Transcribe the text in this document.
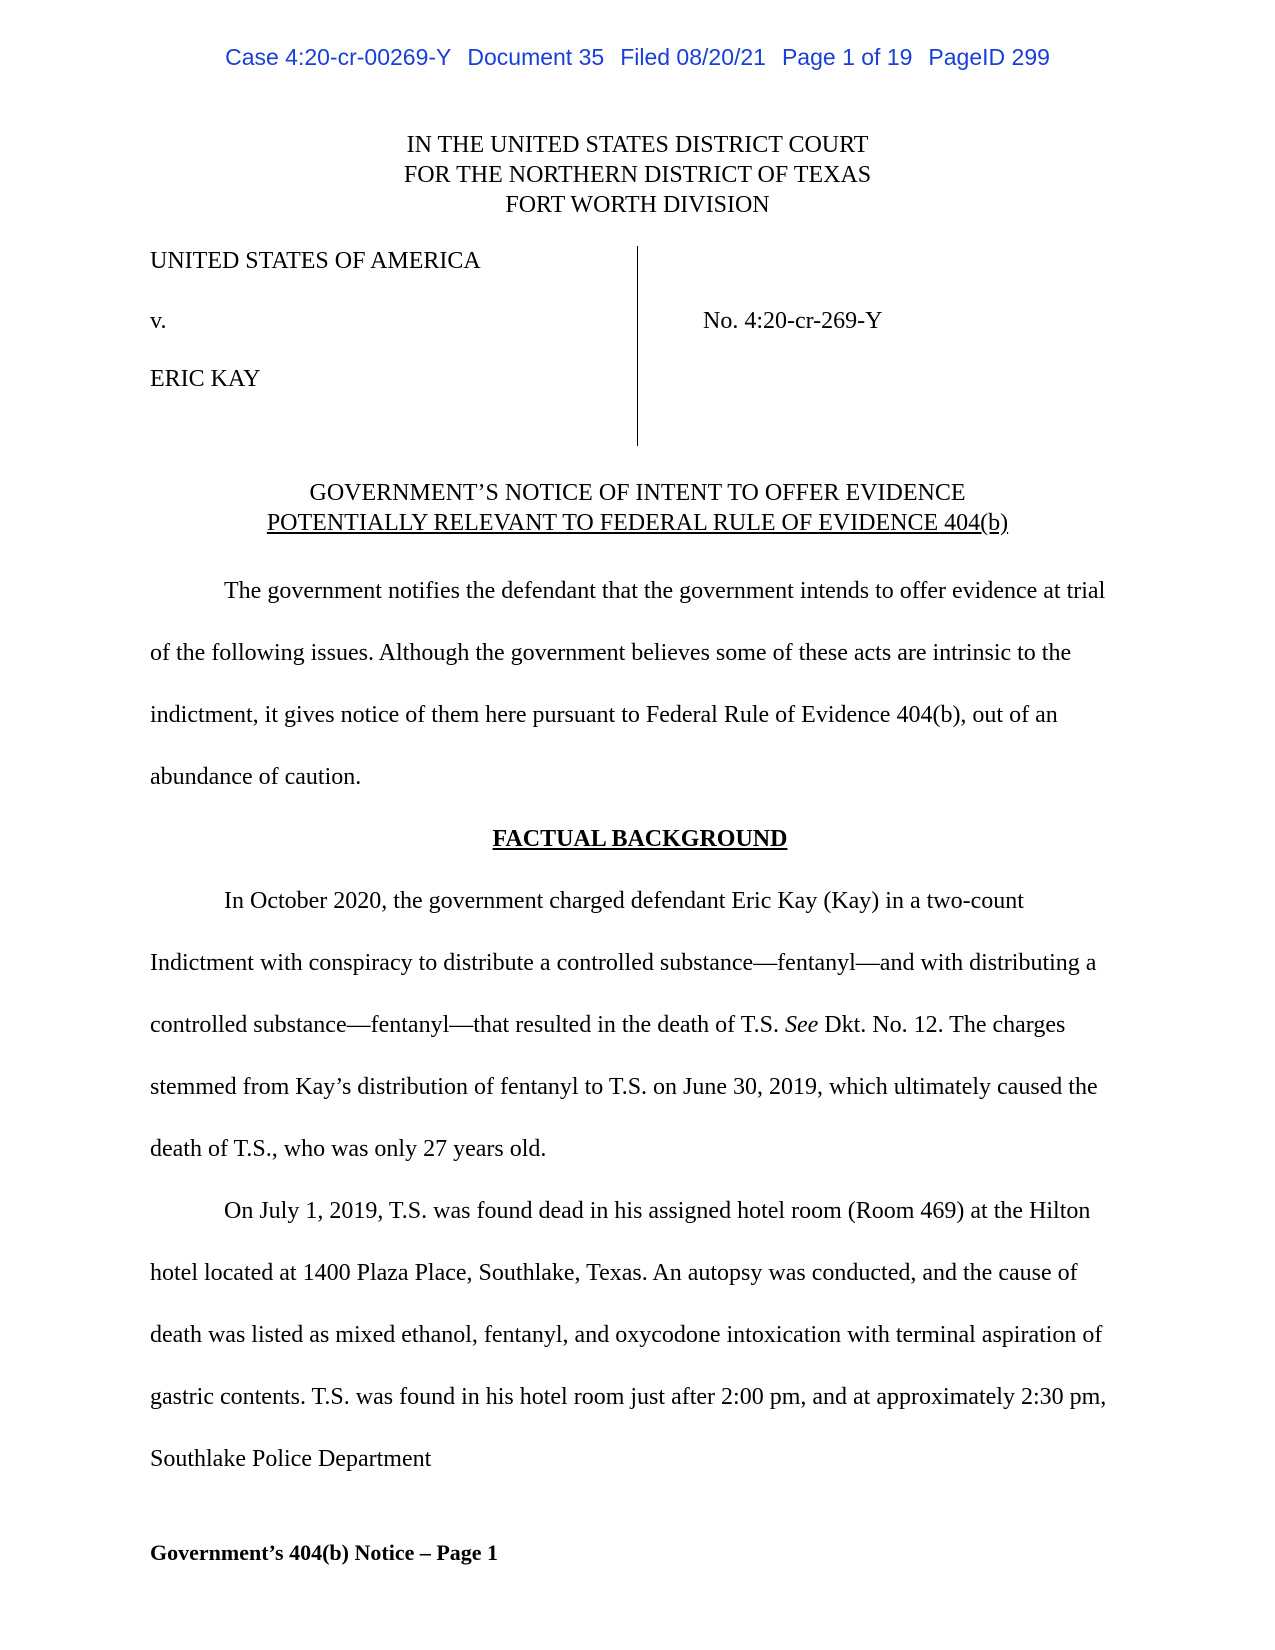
Case 4:20-cr-00269-Y Document 35 Filed 08/20/21 Page 1 of 19 PageID 299
IN THE UNITED STATES DISTRICT COURT
FOR THE NORTHERN DISTRICT OF TEXAS
FORT WORTH DIVISION
UNITED STATES OF AMERICA
v.
ERIC KAY
No. 4:20-cr-269-Y
GOVERNMENT’S NOTICE OF INTENT TO OFFER EVIDENCE
POTENTIALLY RELEVANT TO FEDERAL RULE OF EVIDENCE 404(b)

The government notifies the defendant that the government intends to offer evidence at trial of the following issues. Although the government believes some of these acts are intrinsic to the indictment, it gives notice of them here pursuant to Federal Rule of Evidence 404(b), out of an abundance of caution.

FACTUAL BACKGROUND

In October 2020, the government charged defendant Eric Kay (Kay) in a two-count Indictment with conspiracy to distribute a controlled substance—fentanyl—and with distributing a controlled substance—fentanyl—that resulted in the death of T.S. See Dkt. No. 12. The charges stemmed from Kay’s distribution of fentanyl to T.S. on June 30, 2019, which ultimately caused the death of T.S., who was only 27 years old.

On July 1, 2019, T.S. was found dead in his assigned hotel room (Room 469) at the Hilton hotel located at 1400 Plaza Place, Southlake, Texas. An autopsy was conducted, and the cause of death was listed as mixed ethanol, fentanyl, and oxycodone intoxication with terminal aspiration of gastric contents. T.S. was found in his hotel room just after 2:00 pm, and at approximately 2:30 pm, Southlake Police Department

Government’s 404(b) Notice – Page 1
